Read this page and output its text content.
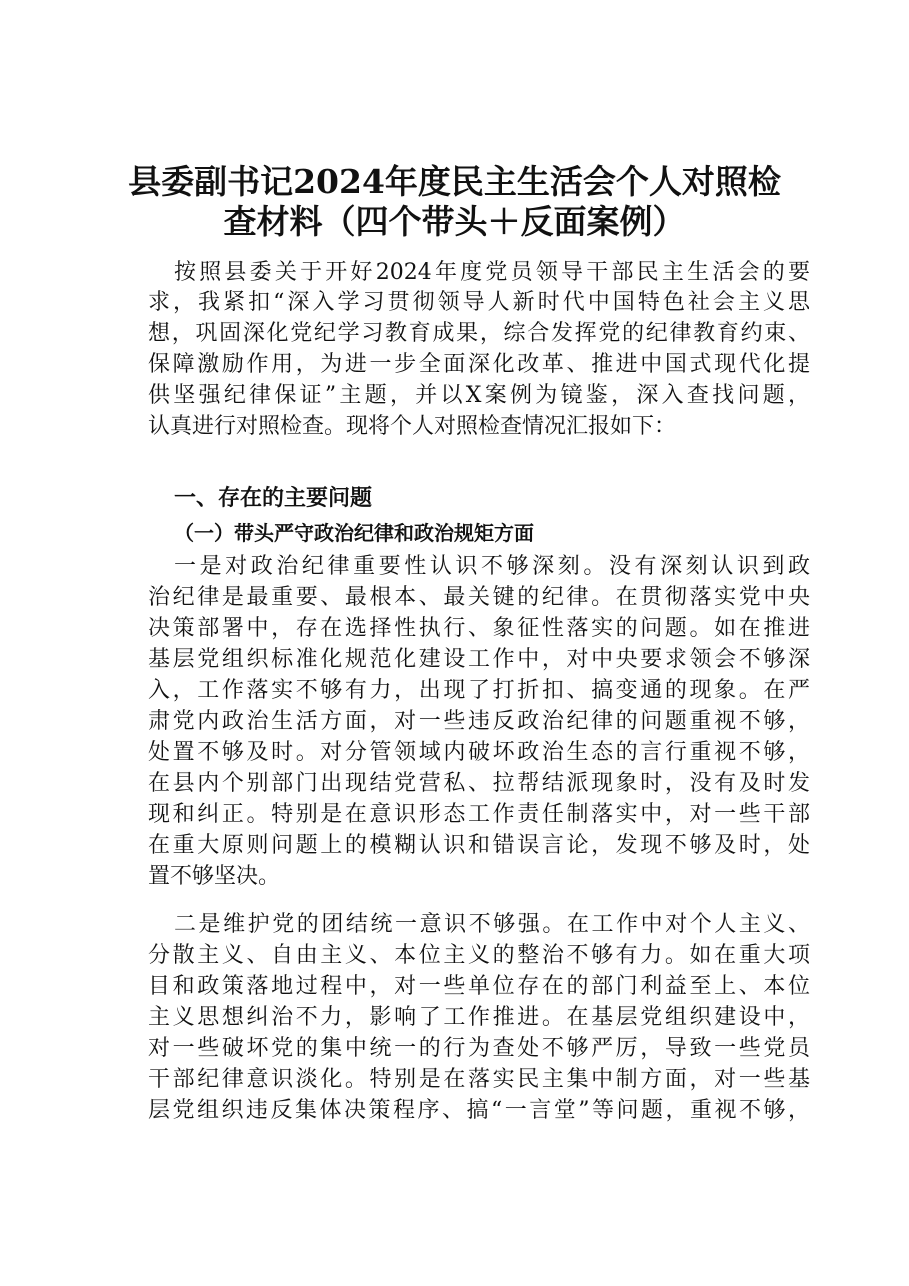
县委副书记2024年度民主生活会个人对照检
查材料（四个带头＋反面案例）
按照县委关于开好2024年度党员领导干部民主生活会的要
求，我紧扣“深入学习贯彻领导人新时代中国特色社会主义思
想，巩固深化党纪学习教育成果，综合发挥党的纪律教育约束、
保障激励作用，为进一步全面深化改革、推进中国式现代化提
供坚强纪律保证”主题，并以X案例为镜鉴，深入查找问题，
认真进行对照检查。现将个人对照检查情况汇报如下：
一、存在的主要问题
（一）带头严守政治纪律和政治规矩方面
一是对政治纪律重要性认识不够深刻。没有深刻认识到政
治纪律是最重要、最根本、最关键的纪律。在贯彻落实党中央
决策部署中，存在选择性执行、象征性落实的问题。如在推进
基层党组织标准化规范化建设工作中，对中央要求领会不够深
入，工作落实不够有力，出现了打折扣、搞变通的现象。在严
肃党内政治生活方面，对一些违反政治纪律的问题重视不够，
处置不够及时。对分管领域内破坏政治生态的言行重视不够，
在县内个别部门出现结党营私、拉帮结派现象时，没有及时发
现和纠正。特别是在意识形态工作责任制落实中，对一些干部
在重大原则问题上的模糊认识和错误言论，发现不够及时，处
置不够坚决。
二是维护党的团结统一意识不够强。在工作中对个人主义、
分散主义、自由主义、本位主义的整治不够有力。如在重大项
目和政策落地过程中，对一些单位存在的部门利益至上、本位
主义思想纠治不力，影响了工作推进。在基层党组织建设中，
对一些破坏党的集中统一的行为查处不够严厉，导致一些党员
干部纪律意识淡化。特别是在落实民主集中制方面，对一些基
层党组织违反集体决策程序、搞“一言堂”等问题，重视不够，
